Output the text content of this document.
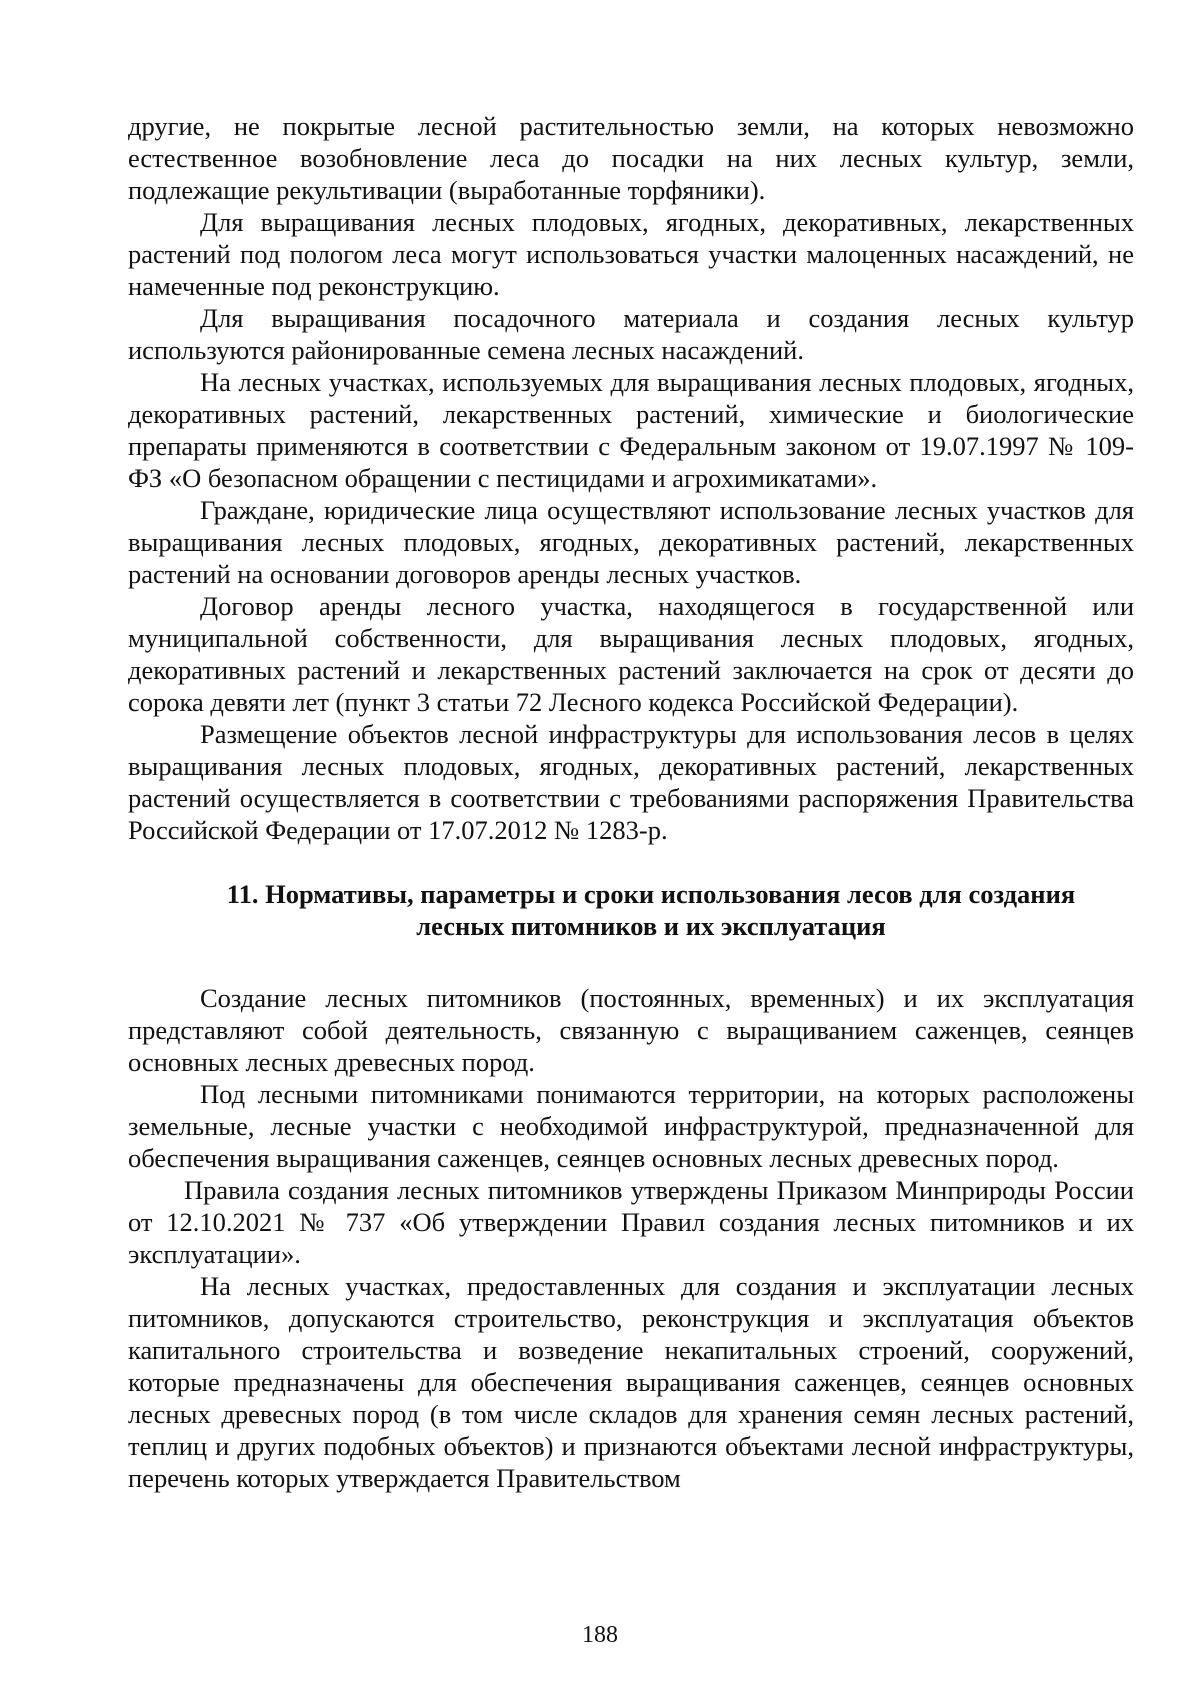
другие, не покрытые лесной растительностью земли, на которых невозможно естественное возобновление леса до посадки на них лесных культур, земли, подлежащие рекультивации (выработанные торфяники).

Для выращивания лесных плодовых, ягодных, декоративных, лекарственных растений под пологом леса могут использоваться участки малоценных насаждений, не намеченные под реконструкцию.

Для выращивания посадочного материала и создания лесных культур используются районированные семена лесных насаждений.

На лесных участках, используемых для выращивания лесных плодовых, ягодных, декоративных растений, лекарственных растений, химические и биологические препараты применяются в соответствии с Федеральным законом от 19.07.1997 № 109-ФЗ «О безопасном обращении с пестицидами и агрохимикатами».

Граждане, юридические лица осуществляют использование лесных участков для выращивания лесных плодовых, ягодных, декоративных растений, лекарственных растений на основании договоров аренды лесных участков.

Договор аренды лесного участка, находящегося в государственной или муниципальной собственности, для выращивания лесных плодовых, ягодных, декоративных растений и лекарственных растений заключается на срок от десяти до сорока девяти лет (пункт 3 статьи 72 Лесного кодекса Российской Федерации).

Размещение объектов лесной инфраструктуры для использования лесов в целях выращивания лесных плодовых, ягодных, декоративных растений, лекарственных растений осуществляется в соответствии с требованиями распоряжения Правительства Российской Федерации от 17.07.2012 № 1283-р.

11. Нормативы, параметры и сроки использования лесов для создания
лесных питомников и их эксплуатация

Создание лесных питомников (постоянных, временных) и их эксплуатация представляют собой деятельность, связанную с выращиванием саженцев, сеянцев основных лесных древесных пород.

Под лесными питомниками понимаются территории, на которых расположены земельные, лесные участки с необходимой инфраструктурой, предназначенной для обеспечения выращивания саженцев, сеянцев основных лесных древесных пород.

Правила создания лесных питомников утверждены Приказом Минприроды России от 12.10.2021 № 737 «Об утверждении Правил создания лесных питомников и их эксплуатации».

На лесных участках, предоставленных для создания и эксплуатации лесных питомников, допускаются строительство, реконструкция и эксплуатация объектов капитального строительства и возведение некапитальных строений, сооружений, которые предназначены для обеспечения выращивания саженцев, сеянцев основных лесных древесных пород (в том числе складов для хранения семян лесных растений, теплиц и других подобных объектов) и признаются объектами лесной инфраструктуры, перечень которых утверждается Правительством

188
